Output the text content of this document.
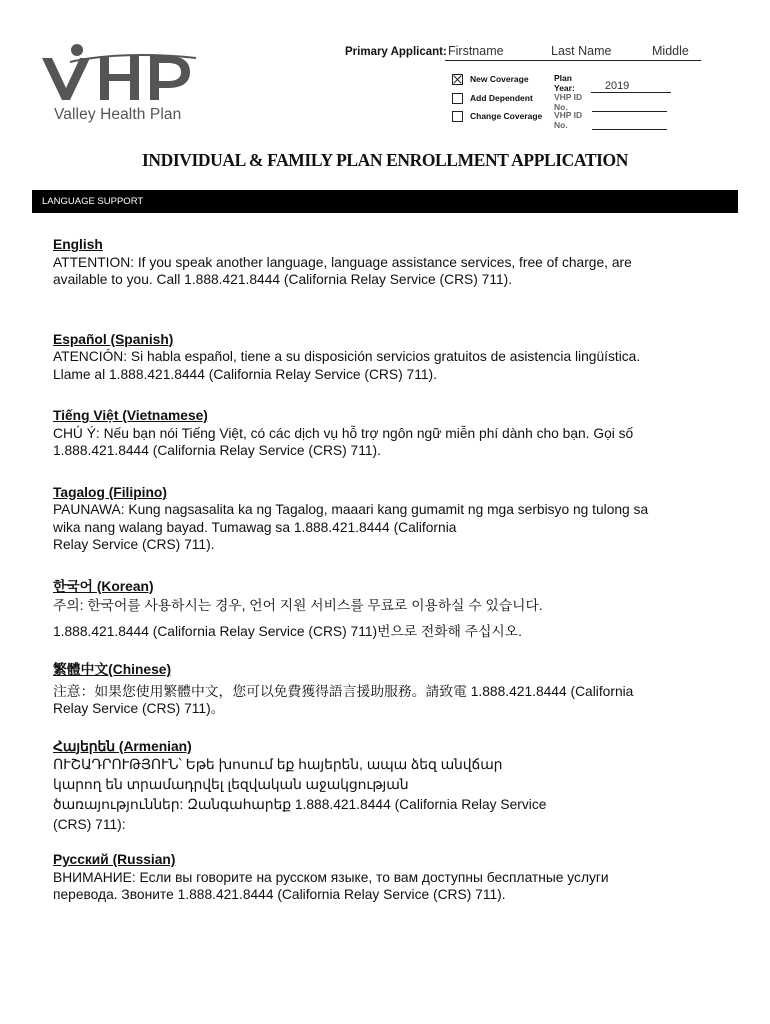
Valley Health Plan
Primary Applicant: Firstname	Last Name	Middle
New Coverage	Plan Year:	2019
Add Dependent	VHP ID No.
Change Coverage	VHP ID No.
INDIVIDUAL & FAMILY PLAN ENROLLMENT APPLICATION
LANGUAGE SUPPORT
English

ATTENTION: If you speak another language, language assistance services, free of charge, are
available to you. Call 1.888.421.8444 (California Relay Service (CRS) 711).

Español (Spanish)

ATENCIÓN: Si habla español, tiene a su disposición servicios gratuitos de asistencia lingüística.
Llame al 1.888.421.8444 (California Relay Service (CRS) 711).

Tiếng Việt (Vietnamese)

CHÚ Ý: Nếu bạn nói Tiếng Việt, có các dịch vụ hỗ trợ ngôn ngữ miễn phí dành cho bạn. Gọi số
1.888.421.8444 (California Relay Service (CRS) 711).

Tagalog (Filipino)

PAUNAWA: Kung nagsasalita ka ng Tagalog, maaari kang gumamit ng mga serbisyo ng tulong sa
wika nang walang bayad. Tumawag sa 1.888.421.8444 (California
Relay Service (CRS) 711).

한국어 (Korean)

주의: 한국어를 사용하시는 경우, 언어 지원 서비스를 무료로 이용하실 수 있습니다.
1.888.421.8444 (California Relay Service (CRS) 711)번으로 전화해 주십시오.

繁體中文(Chinese)

注意：如果您使用繁體中文，您可以免費獲得語言援助服務。請致電 1.888.421.8444 (California
Relay Service (CRS) 711)。

Հայերեն (Armenian)

ՈՒՇԱԴՐՈՒԹՅՈՒՆ՝ Եթե խոսում եք հայերեն, ապա ձեզ անվճար
կարող են տրամադրվել լեզվական աջակցության
ծառայություններ: Զանգահարեք 1.888.421.8444 (California Relay Service
(CRS) 711):

Русский (Russian)

ВНИМАНИЕ: Если вы говорите на русском языке, то вам доступны бесплатные услуги
перевода. Звоните 1.888.421.8444 (California Relay Service (CRS) 711).
